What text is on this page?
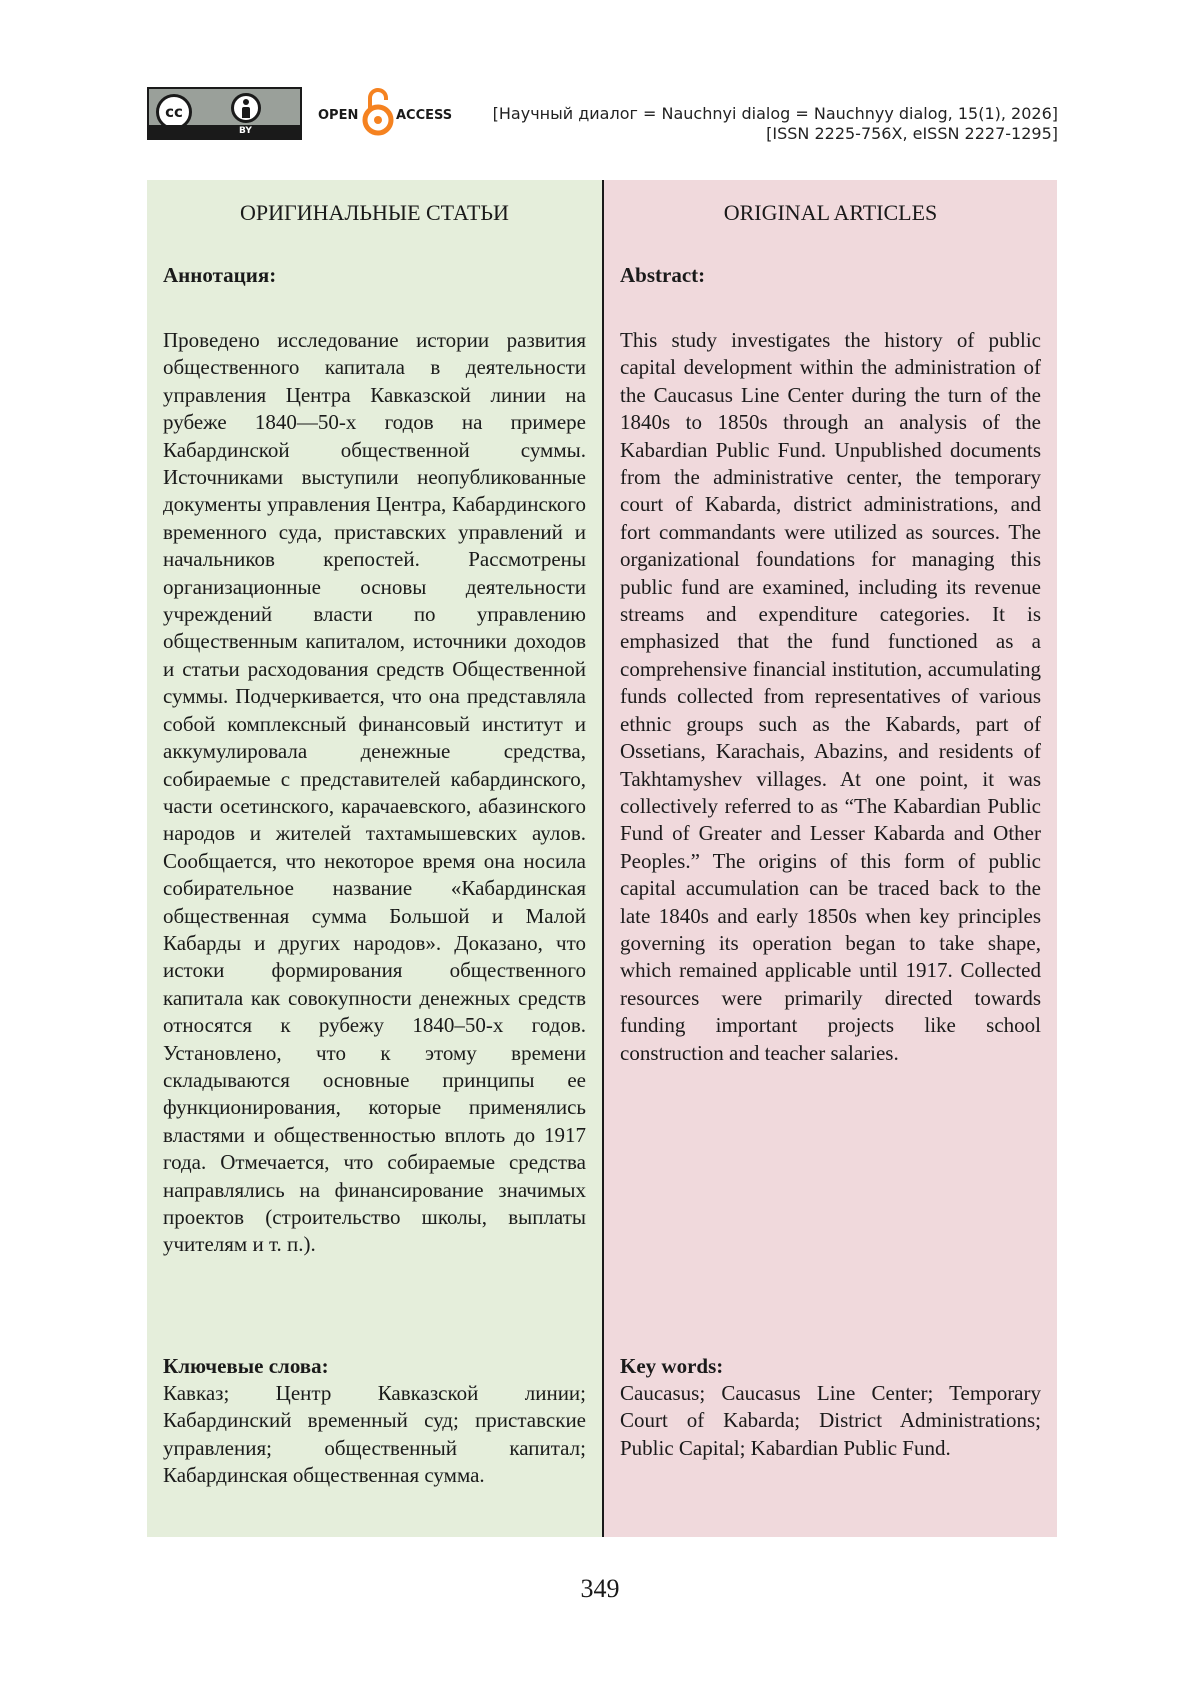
cc
BY
OPEN	ACCESS	[Научный диалог = Nauchnyi dialog = Nauchnyy dialog, 15(1), 2026]
[ISSN 2225-756X, eISSN 2227-1295]
ОРИГИНАЛЬНЫЕ СТАТЬИ
Аннотация:
Проведено исследование истории развития общественного капитала в деятельности управления Центра Кавказской линии на рубеже 1840—50-х годов на примере Кабардинской общественной суммы. Источниками выступили неопубликованные документы управления Центра, Кабардинского временного суда, приставских управлений и начальников крепостей. Рассмотрены организационные основы деятельности учреждений власти по управлению общественным капиталом, источники доходов и статьи расходования средств Общественной суммы. Подчеркивается, что она представляла собой комплексный финансовый институт и аккумулировала денежные средства, собираемые с представителей кабардинского, части осетинского, карачаевского, абазинского народов и жителей тахтамышевских аулов. Сообщается, что некоторое время она носила собирательное название «Кабардинская общественная сумма Большой и Малой Кабарды и других народов». Доказано, что истоки формирования общественного капитала как совокупности денежных средств относятся к рубежу 1840–50-х годов. Установлено, что к этому времени складываются основные принципы ее функционирования, которые применялись властями и общественностью вплоть до 1917 года. Отмечается, что собираемые средства направлялись на финансирование значимых проектов (строительство школы, выплаты учителям и т. п.).
Ключевые слова:
Кавказ; Центр Кавказской линии; Кабардинский временный суд; приставские управления; общественный капитал; Кабардинская общественная сумма.
ORIGINAL ARTICLES
Abstract:
This study investigates the history of public capital development within the administration of the Caucasus Line Center during the turn of the 1840s to 1850s through an analysis of the Kabardian Public Fund. Unpublished documents from the administrative center, the temporary court of Kabarda, district administrations, and fort commandants were utilized as sources. The organizational foundations for managing this public fund are examined, including its revenue streams and expenditure categories. It is emphasized that the fund functioned as a comprehensive financial institution, accumulating funds collected from representatives of various ethnic groups such as the Kabards, part of Ossetians, Karachais, Abazins, and residents of Takhtamyshev villages. At one point, it was collectively referred to as “The Kabardian Public Fund of Greater and Lesser Kabarda and Other Peoples.” The origins of this form of public capital accumulation can be traced back to the late 1840s and early 1850s when key principles governing its operation began to take shape, which remained applicable until 1917. Collected resources were primarily directed towards funding important projects like school construction and teacher salaries.
Key words:
Caucasus; Caucasus Line Center; Temporary Court of Kabarda; District Administrations; Public Capital; Kabardian Public Fund.
349
